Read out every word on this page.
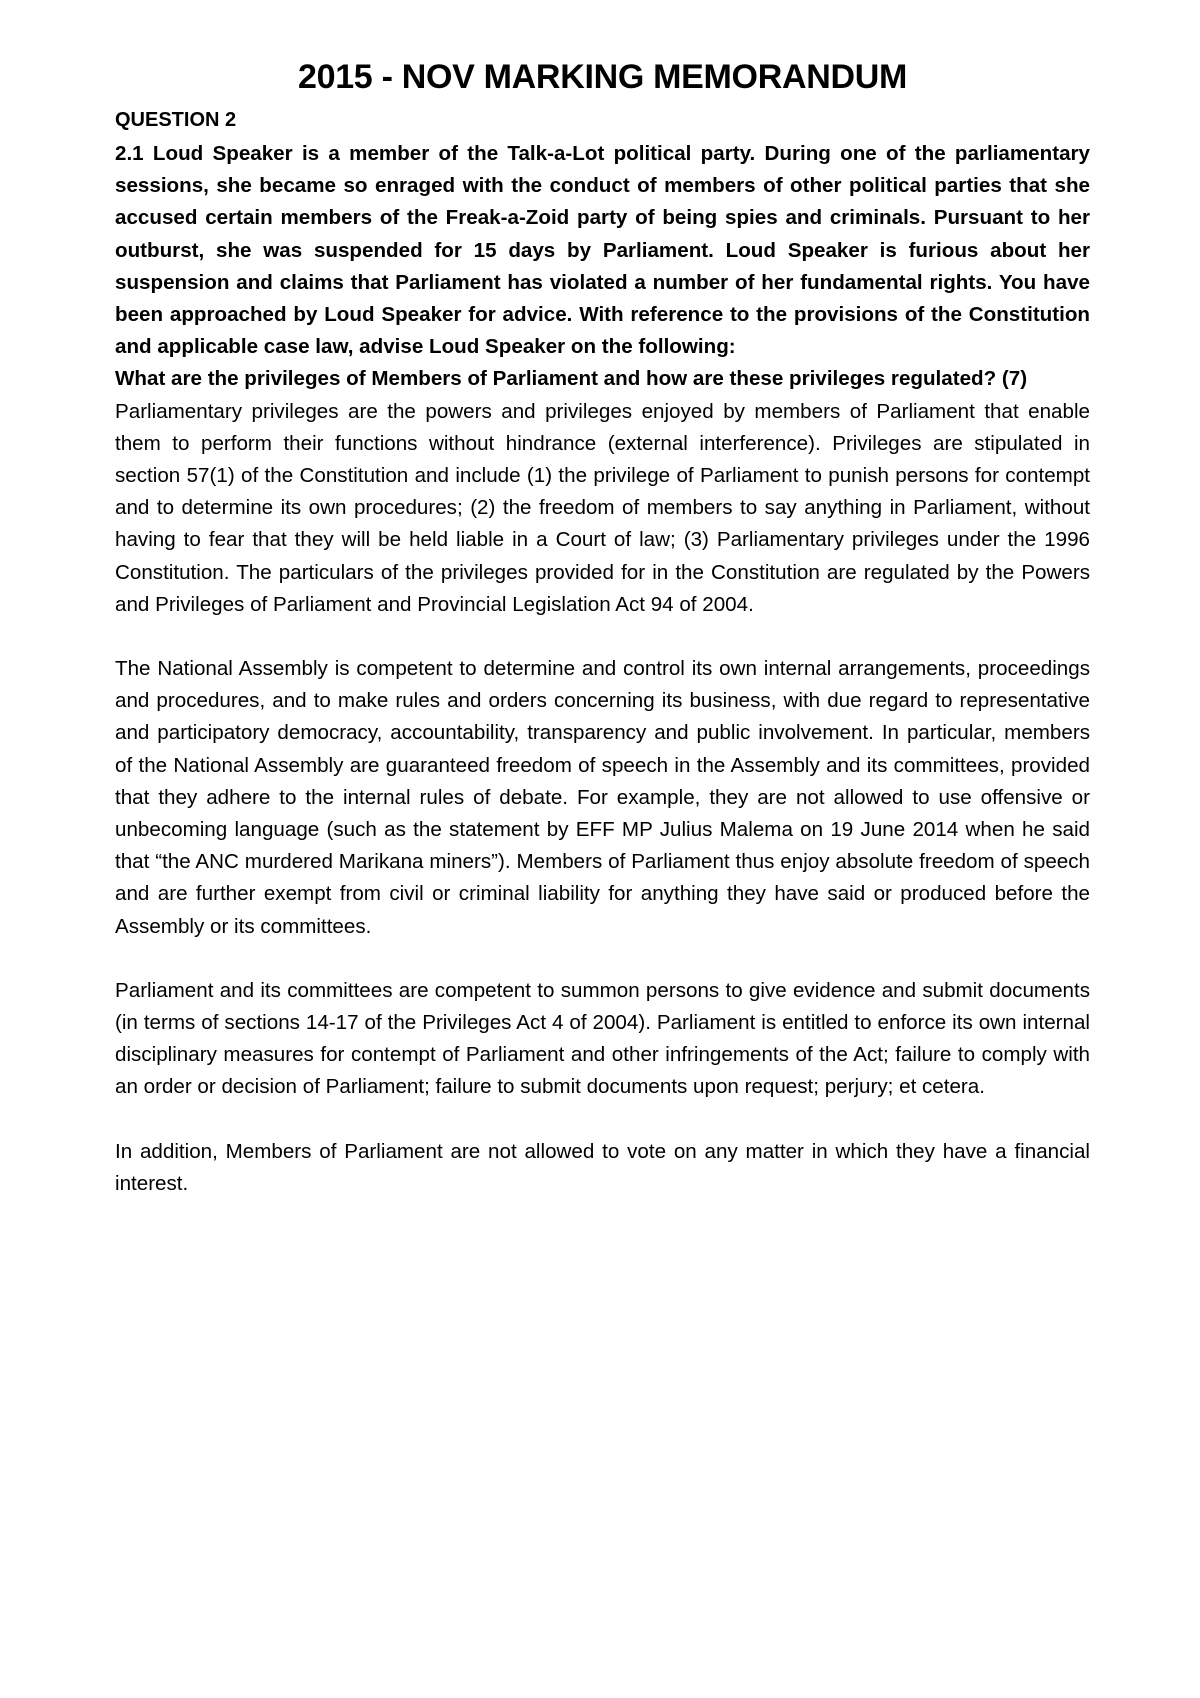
2015 - NOV MARKING MEMORANDUM
QUESTION 2

2.1 Loud Speaker is a member of the Talk-a-Lot political party. During one of the parliamentary sessions, she became so enraged with the conduct of members of other political parties that she accused certain members of the Freak-a-Zoid party of being spies and criminals. Pursuant to her outburst, she was suspended for 15 days by Parliament. Loud Speaker is furious about her suspension and claims that Parliament has violated a number of her fundamental rights. You have been approached by Loud Speaker for advice. With reference to the provisions of the Constitution and applicable case law, advise Loud Speaker on the following:

What are the privileges of Members of Parliament and how are these privileges regulated? (7)

Parliamentary privileges are the powers and privileges enjoyed by members of Parliament that enable them to perform their functions without hindrance (external interference). Privileges are stipulated in section 57(1) of the Constitution and include (1) the privilege of Parliament to punish persons for contempt and to determine its own procedures; (2) the freedom of members to say anything in Parliament, without having to fear that they will be held liable in a Court of law; (3) Parliamentary privileges under the 1996 Constitution. The particulars of the privileges provided for in the Constitution are regulated by the Powers and Privileges of Parliament and Provincial Legislation Act 94 of 2004.

The National Assembly is competent to determine and control its own internal arrangements, proceedings and procedures, and to make rules and orders concerning its business, with due regard to representative and participatory democracy, accountability, transparency and public involvement. In particular, members of the National Assembly are guaranteed freedom of speech in the Assembly and its committees, provided that they adhere to the internal rules of debate. For example, they are not allowed to use offensive or unbecoming language (such as the statement by EFF MP Julius Malema on 19 June 2014 when he said that “the ANC murdered Marikana miners”). Members of Parliament thus enjoy absolute freedom of speech and are further exempt from civil or criminal liability for anything they have said or produced before the Assembly or its committees.

Parliament and its committees are competent to summon persons to give evidence and submit documents (in terms of sections 14-17 of the Privileges Act 4 of 2004). Parliament is entitled to enforce its own internal disciplinary measures for contempt of Parliament and other infringements of the Act; failure to comply with an order or decision of Parliament; failure to submit documents upon request; perjury; et cetera.

In addition, Members of Parliament are not allowed to vote on any matter in which they have a financial interest.
